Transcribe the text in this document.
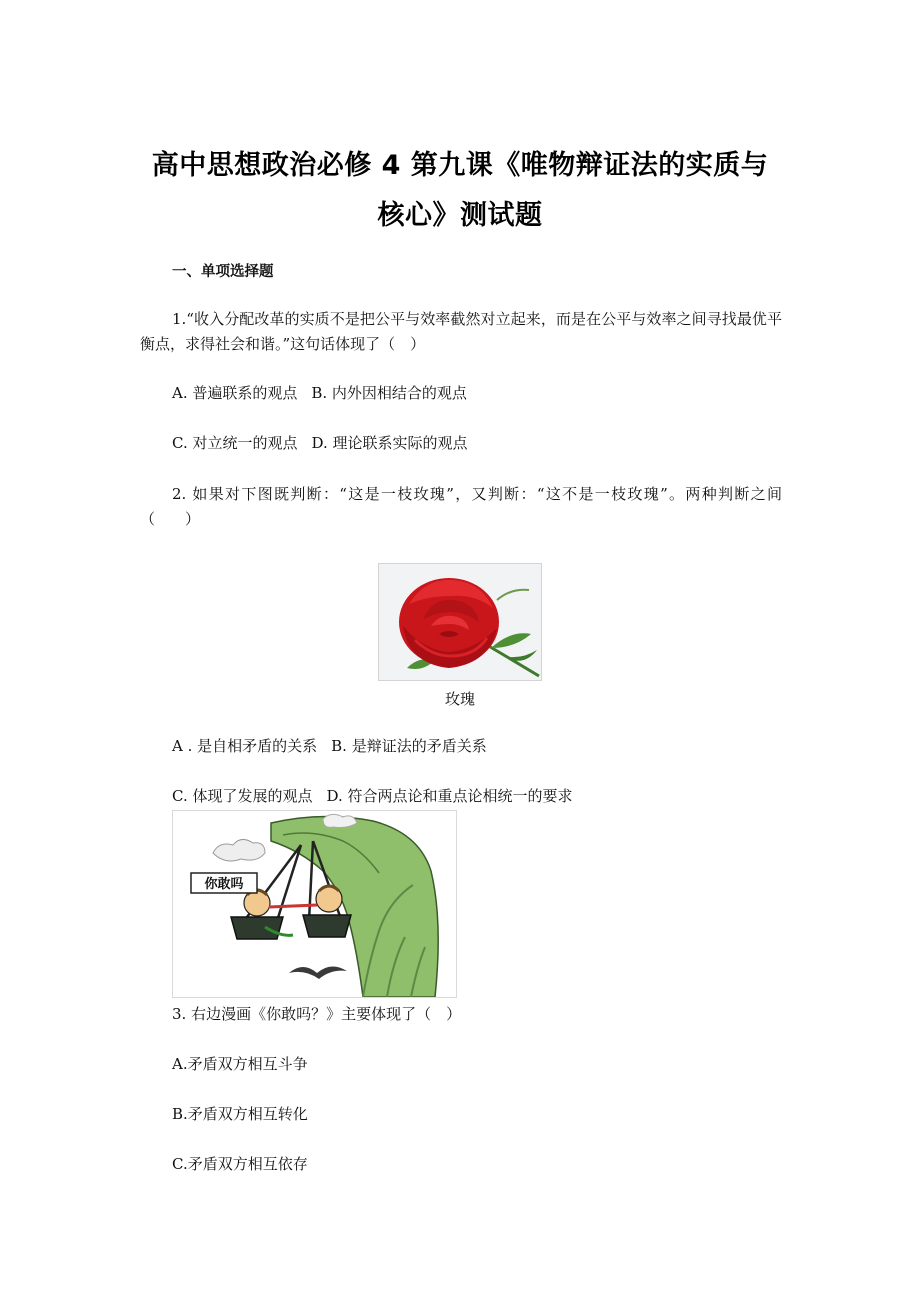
高中思想政治必修 4 第九课《唯物辩证法的实质与
核心》测试题
一、单项选择题
1.“收入分配改革的实质不是把公平与效率截然对立起来，而是在公平与效率之间寻找最优平衡点，求得社会和谐。”这句话体现了（　）
A. 普遍联系的观点 B. 内外因相结合的观点
C. 对立统一的观点 D. 理论联系实际的观点
2. 如果对下图既判断：“这是一枝玫瑰”，又判断：“这不是一枝玫瑰”。两种判断之间（　　）
玫瑰
A . 是自相矛盾的关系 B. 是辩证法的矛盾关系
C. 体现了发展的观点 D. 符合两点论和重点论相统一的要求
你敢吗
3. 右边漫画《你敢吗？》主要体现了（　）
A.矛盾双方相互斗争
B.矛盾双方相互转化
C.矛盾双方相互依存
